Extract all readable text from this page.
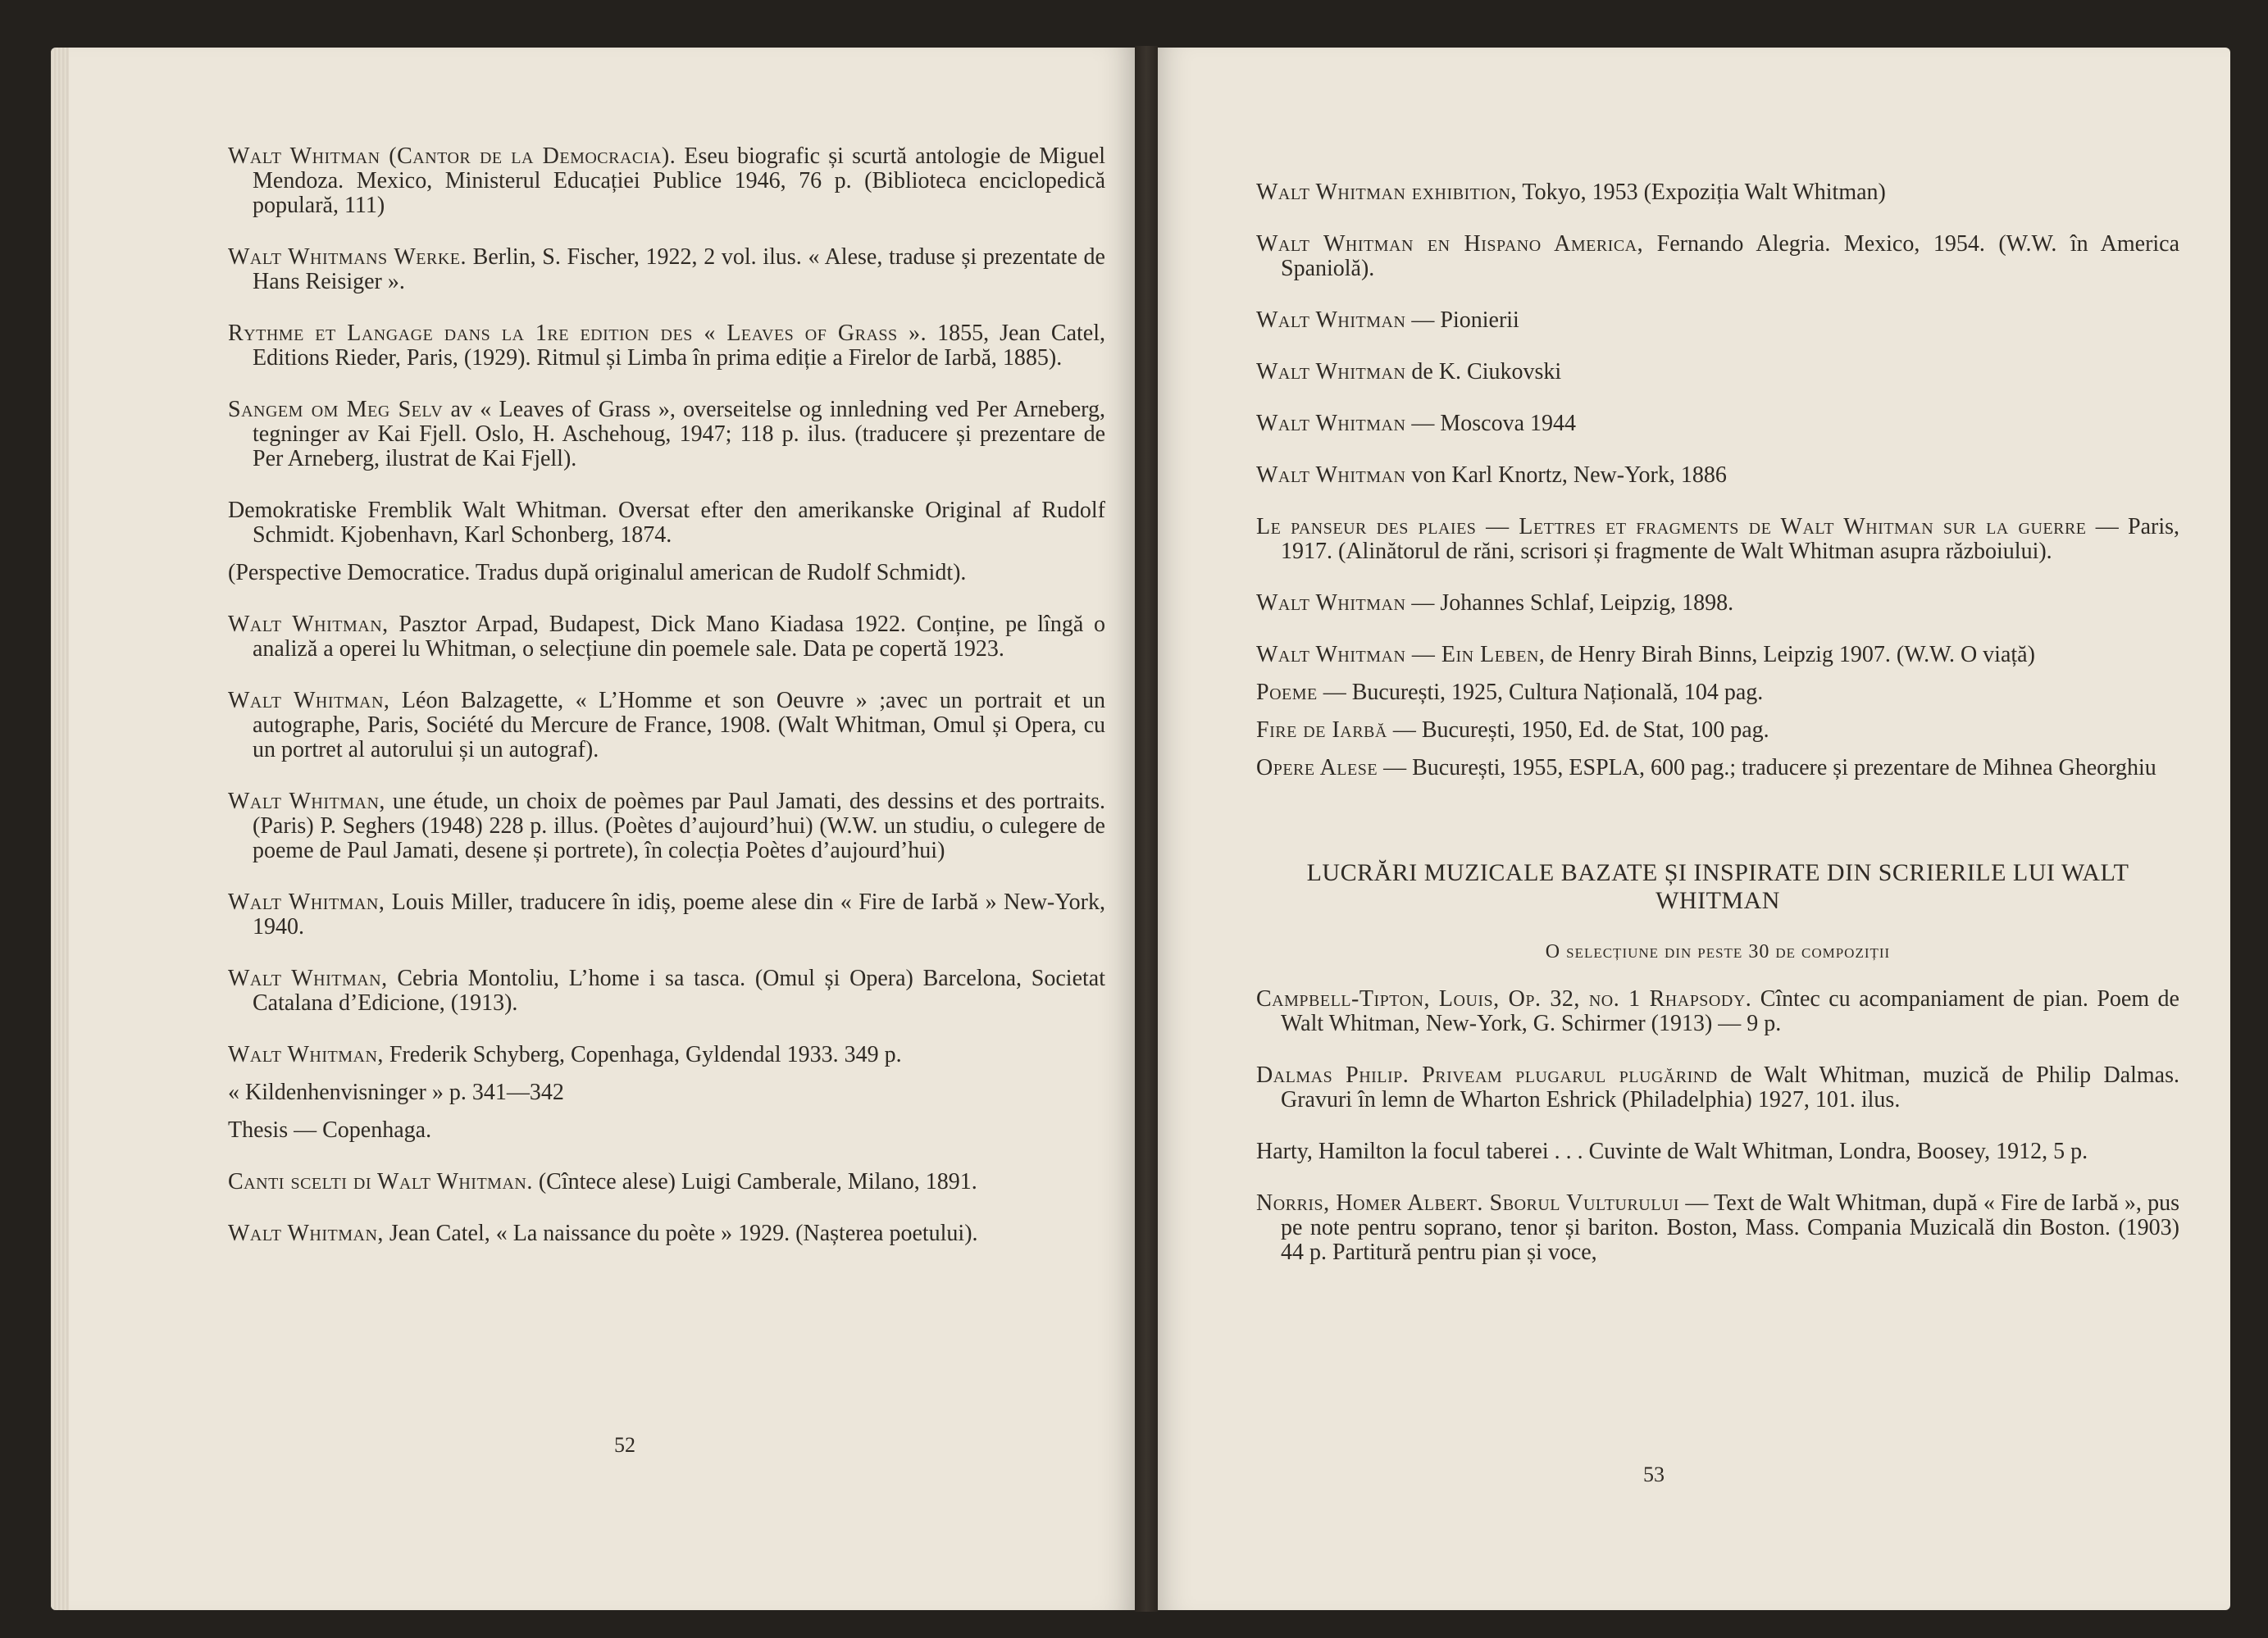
Walt Whitman (Cantor de la Democracia). Eseu biografic și scurtă antologie de Miguel Mendoza. Mexico, Ministerul Educației Publice 1946, 76 p. (Biblioteca enciclopedică populară, 111)

Walt Whitmans Werke. Berlin, S. Fischer, 1922, 2 vol. ilus. « Alese, traduse și prezentate de Hans Reisiger ».

Rythme et Langage dans la 1re edition des « Leaves of Grass ». 1855, Jean Catel, Editions Rieder, Paris, (1929). Ritmul și Limba în prima ediție a Firelor de Iarbă, 1885).

Sangem om Meg Selv av « Leaves of Grass », overseitelse og innledning ved Per Arneberg, tegninger av Kai Fjell. Oslo, H. Aschehoug, 1947; 118 p. ilus. (traducere și prezentare de Per Arneberg, ilustrat de Kai Fjell).

Demokratiske Fremblik Walt Whitman. Oversat efter den amerikanske Original af Rudolf Schmidt. Kjobenhavn, Karl Schonberg, 1874.

(Perspective Democratice. Tradus după originalul american de Rudolf Schmidt).

Walt Whitman, Pasztor Arpad, Budapest, Dick Mano Kiadasa 1922. Conține, pe lîngă o analiză a operei lu Whitman, o selecțiune din poemele sale. Data pe copertă 1923.

Walt Whitman, Léon Balzagette, « L’Homme et son Oeuvre » ;avec un portrait et un autographe, Paris, Société du Mercure de France, 1908. (Walt Whitman, Omul și Opera, cu un portret al autorului și un autograf).

Walt Whitman, une étude, un choix de poèmes par Paul Jamati, des dessins et des portraits. (Paris) P. Seghers (1948) 228 p. illus. (Poètes d’aujourd’hui) (W.W. un studiu, o culegere de poeme de Paul Jamati, desene și portrete), în colecția Poètes d’aujourd’hui)

Walt Whitman, Louis Miller, traducere în idiș, poeme alese din « Fire de Iarbă » New-York, 1940.

Walt Whitman, Cebria Montoliu, L’home i sa tasca. (Omul și Opera) Barcelona, Societat Catalana d’Edicione, (1913).

Walt Whitman, Frederik Schyberg, Copenhaga, Gyldendal 1933. 349 p.

« Kildenhenvisninger » p. 341—342

Thesis — Copenhaga.

Canti scelti di Walt Whitman. (Cîntece alese) Luigi Camberale, Milano, 1891.

Walt Whitman, Jean Catel, « La naissance du poète » 1929. (Nașterea poetului).

52

Walt Whitman exhibition, Tokyo, 1953 (Expoziția Walt Whitman)

Walt Whitman en Hispano America, Fernando Alegria. Mexico, 1954. (W.W. în America Spaniolă).

Walt Whitman — Pionierii

Walt Whitman de K. Ciukovski

Walt Whitman — Moscova 1944

Walt Whitman von Karl Knortz, New-York, 1886

Le panseur des plaies — Lettres et fragments de Walt Whitman sur la guerre — Paris, 1917. (Alinătorul de răni, scrisori și fragmente de Walt Whitman asupra războiului).

Walt Whitman — Johannes Schlaf, Leipzig, 1898.

Walt Whitman — Ein Leben, de Henry Birah Binns, Leipzig 1907. (W.W. O viață)

Poeme — București, 1925, Cultura Națională, 104 pag.

Fire de Iarbă — București, 1950, Ed. de Stat, 100 pag.

Opere Alese — București, 1955, ESPLA, 600 pag.; traducere și prezentare de Mihnea Gheorghiu

LUCRĂRI MUZICALE BAZATE ȘI INSPIRATE DIN SCRIERILE LUI WALT WHITMAN
O selecțiune din peste 30 de compoziții

Campbell-Tipton, Louis, Op. 32, no. 1 Rhapsody. Cîntec cu acompaniament de pian. Poem de Walt Whitman, New-York, G. Schirmer (1913) — 9 p.

Dalmas Philip. Priveam plugarul plugărind de Walt Whitman, muzică de Philip Dalmas. Gravuri în lemn de Wharton Eshrick (Philadelphia) 1927, 101. ilus.

Harty, Hamilton la focul taberei . . . Cuvinte de Walt Whitman, Londra, Boosey, 1912, 5 p.

Norris, Homer Albert. Sborul Vulturului — Text de Walt Whitman, după « Fire de Iarbă », pus pe note pentru soprano, tenor și bariton. Boston, Mass. Compania Muzicală din Boston. (1903) 44 p. Partitură pentru pian și voce,

53
